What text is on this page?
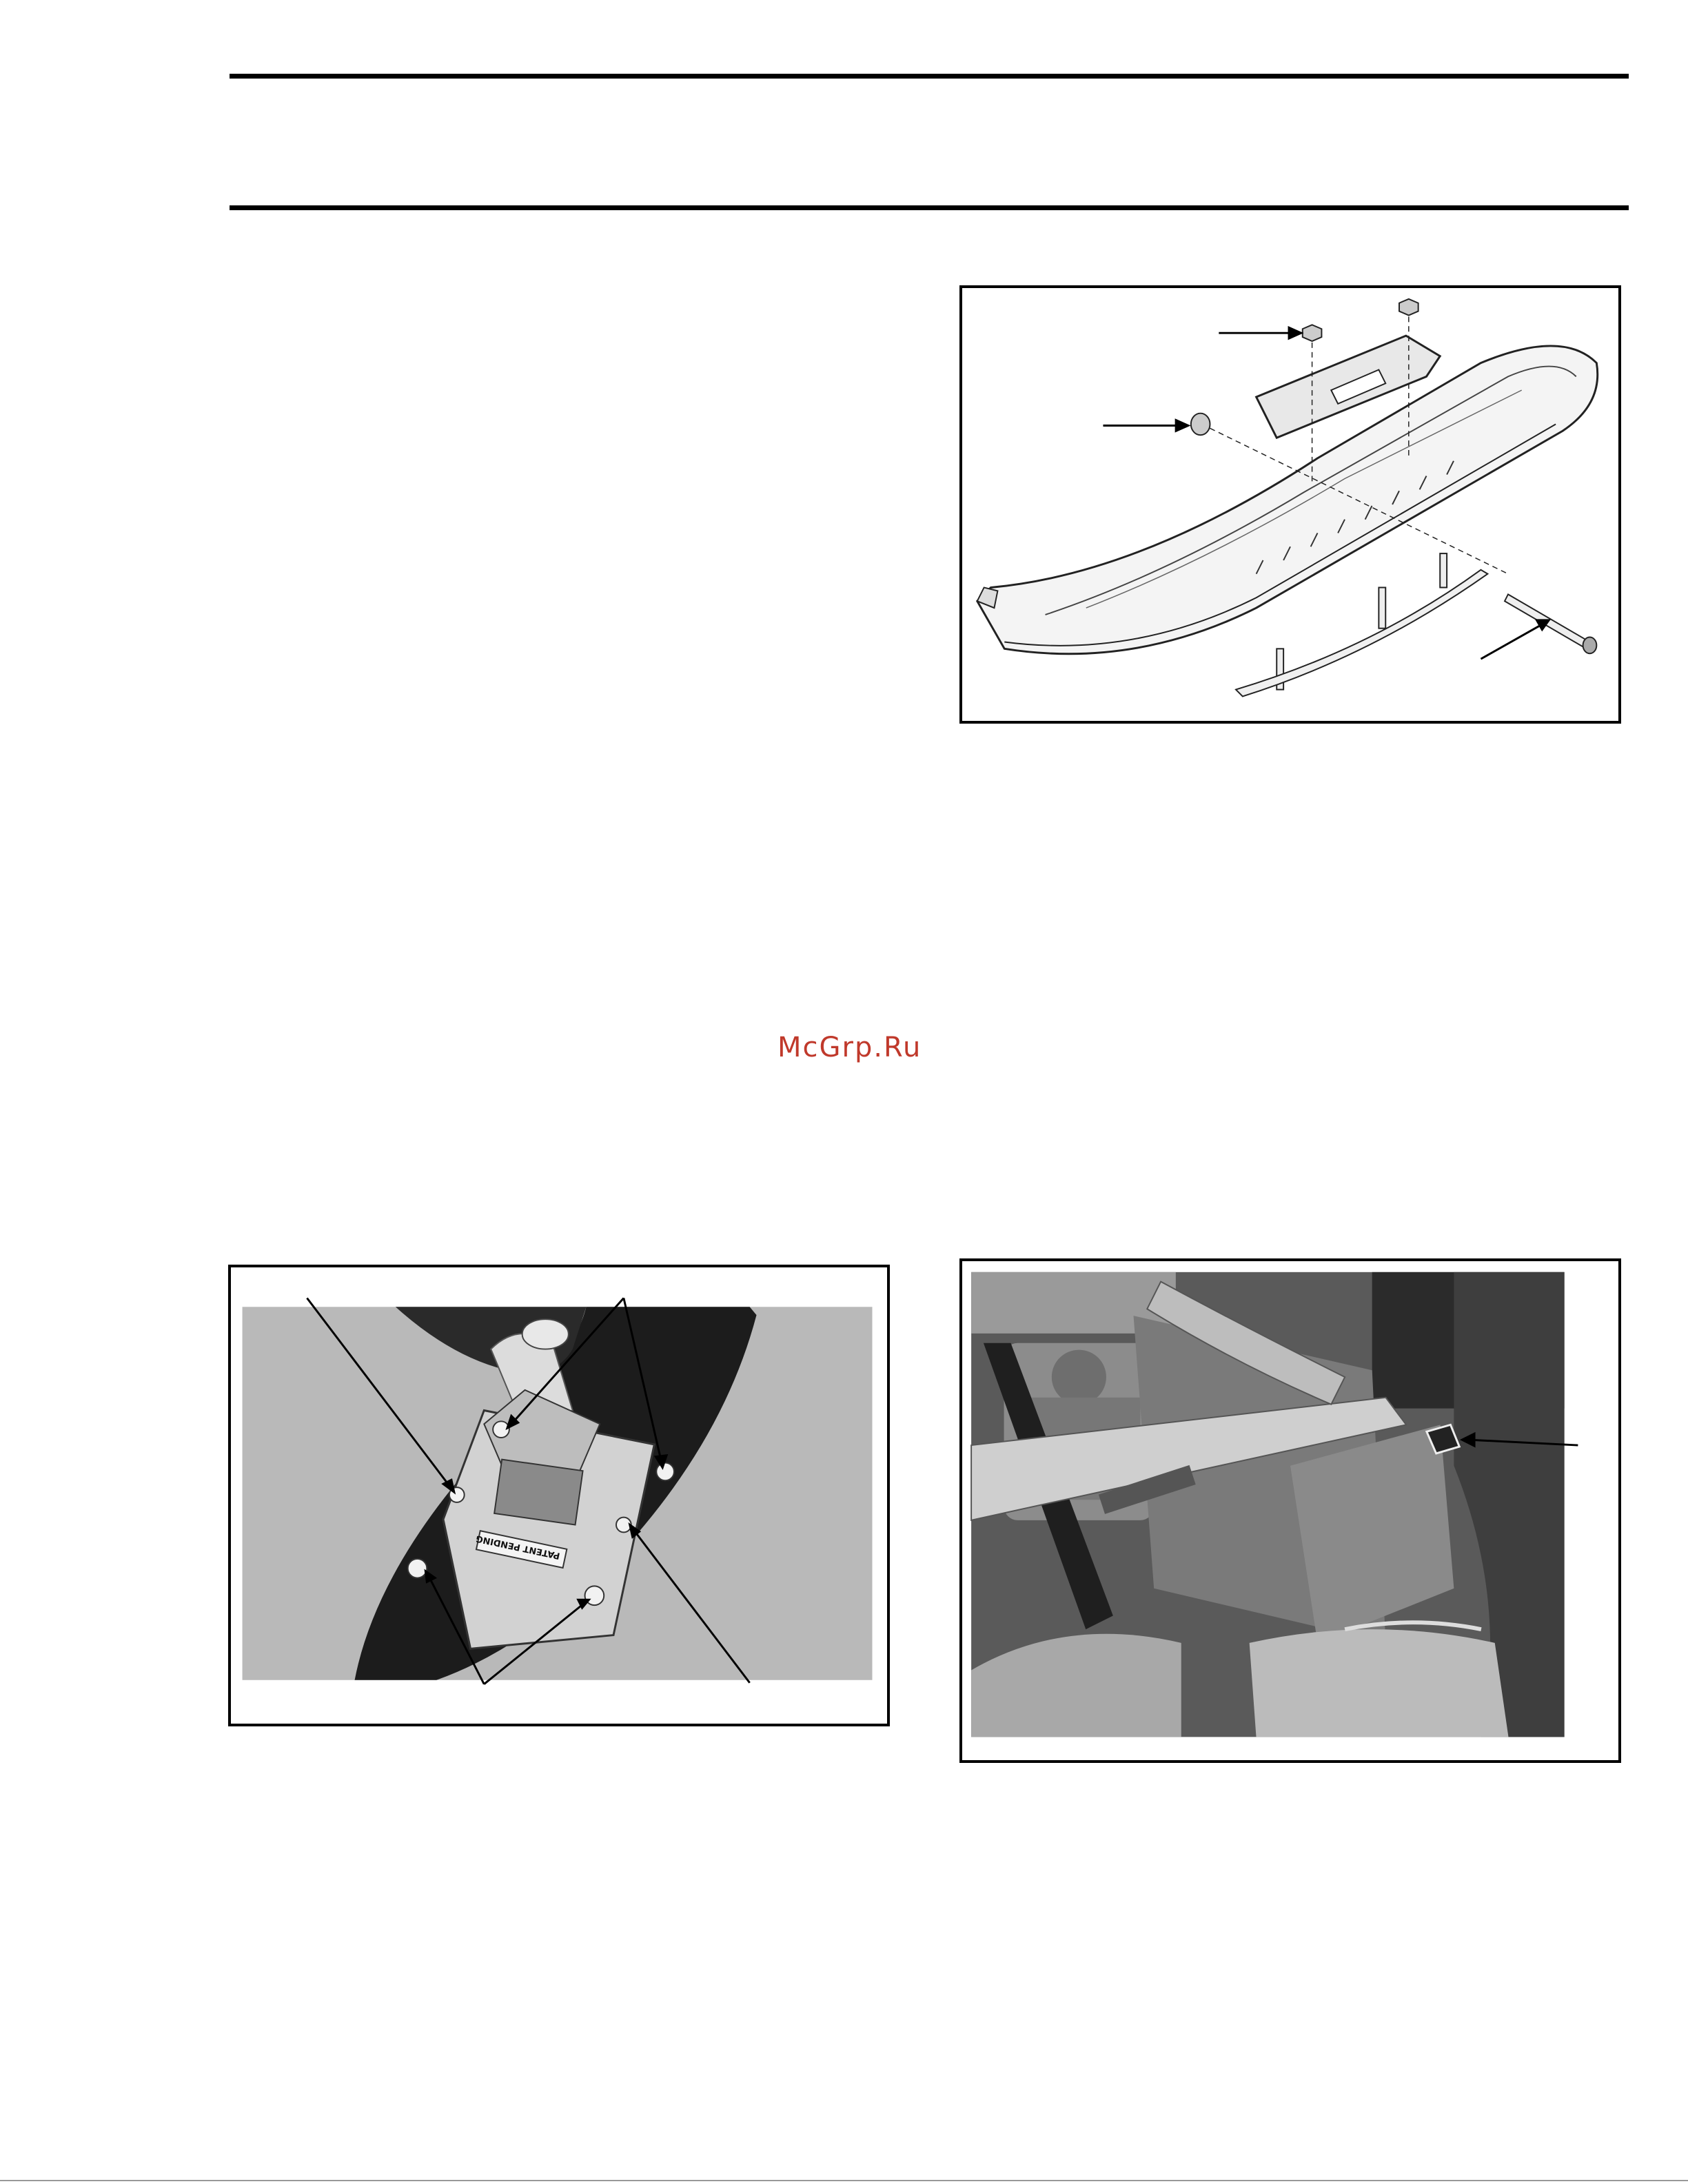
McGrp.Ru
PATENT PENDING
